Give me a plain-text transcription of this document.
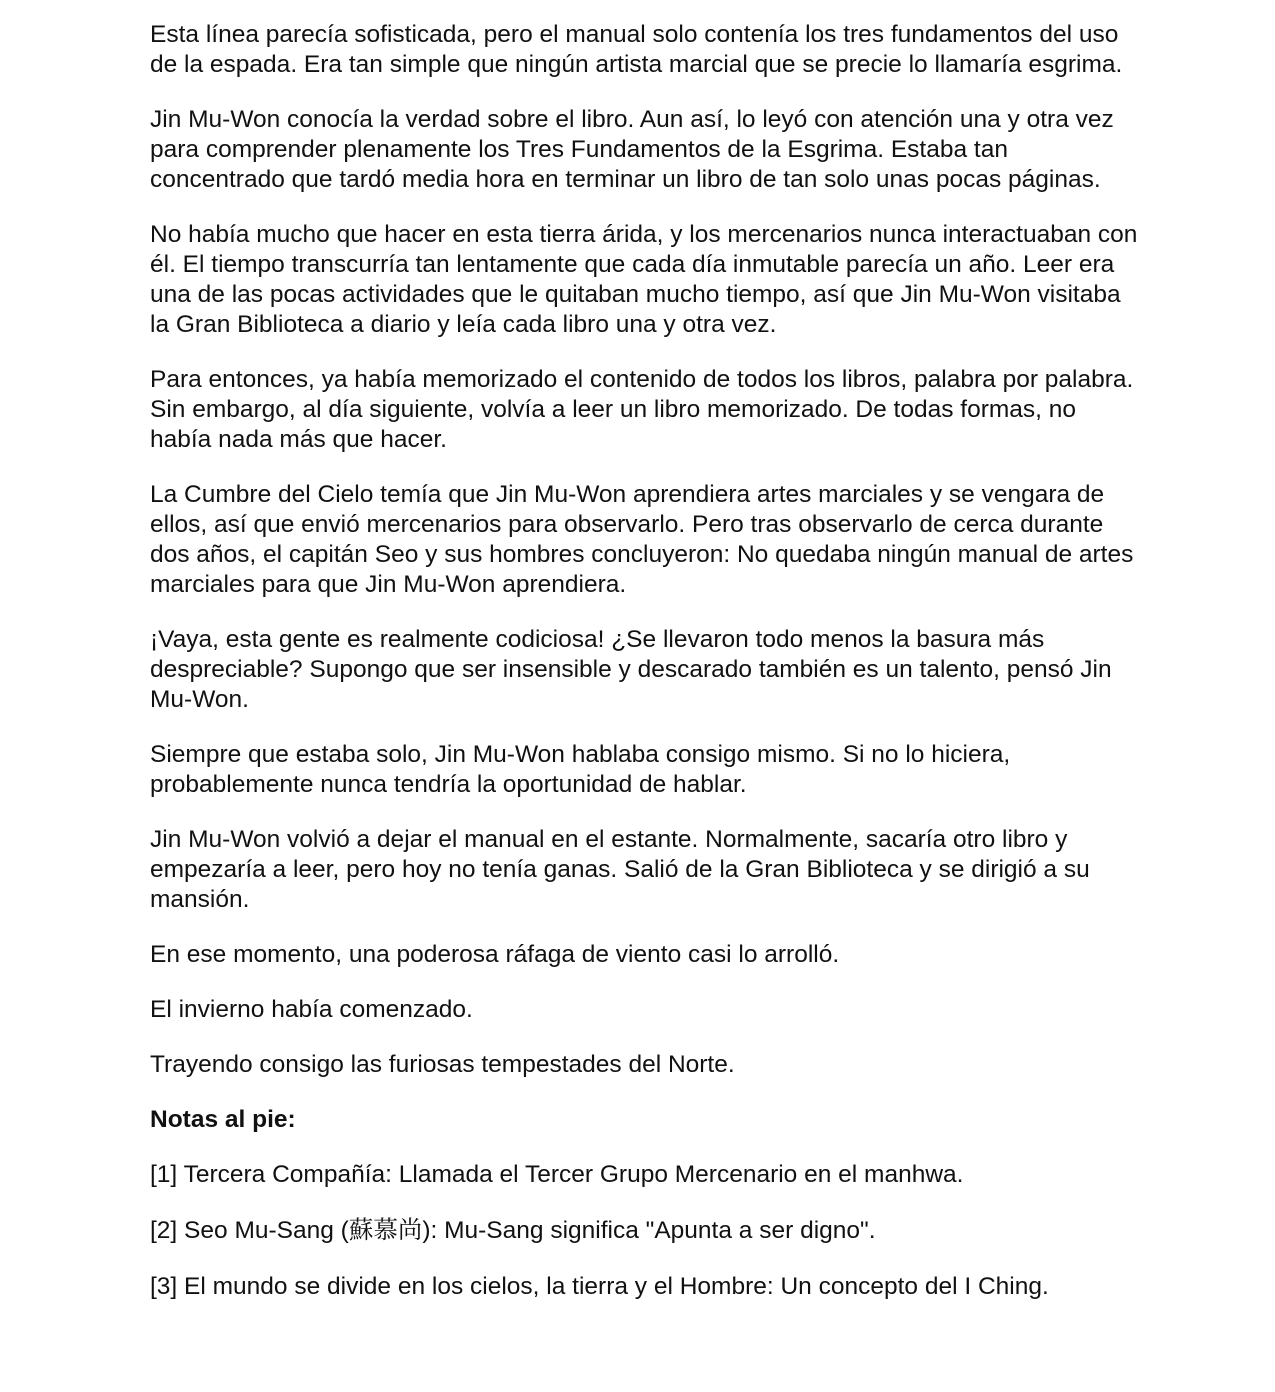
Esta línea parecía sofisticada, pero el manual solo contenía los tres fundamentos del uso de la espada. Era tan simple que ningún artista marcial que se precie lo llamaría esgrima.

Jin Mu-Won conocía la verdad sobre el libro. Aun así, lo leyó con atención una y otra vez para comprender plenamente los Tres Fundamentos de la Esgrima. Estaba tan concentrado que tardó media hora en terminar un libro de tan solo unas pocas páginas.

No había mucho que hacer en esta tierra árida, y los mercenarios nunca interactuaban con él. El tiempo transcurría tan lentamente que cada día inmutable parecía un año. Leer era una de las pocas actividades que le quitaban mucho tiempo, así que Jin Mu-Won visitaba la Gran Biblioteca a diario y leía cada libro una y otra vez.

Para entonces, ya había memorizado el contenido de todos los libros, palabra por palabra. Sin embargo, al día siguiente, volvía a leer un libro memorizado. De todas formas, no había nada más que hacer.

La Cumbre del Cielo temía que Jin Mu-Won aprendiera artes marciales y se vengara de ellos, así que envió mercenarios para observarlo. Pero tras observarlo de cerca durante dos años, el capitán Seo y sus hombres concluyeron: No quedaba ningún manual de artes marciales para que Jin Mu-Won aprendiera.

¡Vaya, esta gente es realmente codiciosa! ¿Se llevaron todo menos la basura más despreciable? Supongo que ser insensible y descarado también es un talento, pensó Jin Mu-Won.

Siempre que estaba solo, Jin Mu-Won hablaba consigo mismo. Si no lo hiciera, probablemente nunca tendría la oportunidad de hablar.

Jin Mu-Won volvió a dejar el manual en el estante. Normalmente, sacaría otro libro y empezaría a leer, pero hoy no tenía ganas. Salió de la Gran Biblioteca y se dirigió a su mansión.

En ese momento, una poderosa ráfaga de viento casi lo arrolló.

El invierno había comenzado.

Trayendo consigo las furiosas tempestades del Norte.

Notas al pie:

[1] Tercera Compañía: Llamada el Tercer Grupo Mercenario en el manhwa.

[2] Seo Mu-Sang (蘇慕尚): Mu-Sang significa "Apunta a ser digno".

[3] El mundo se divide en los cielos, la tierra y el Hombre: Un concepto del I Ching.
